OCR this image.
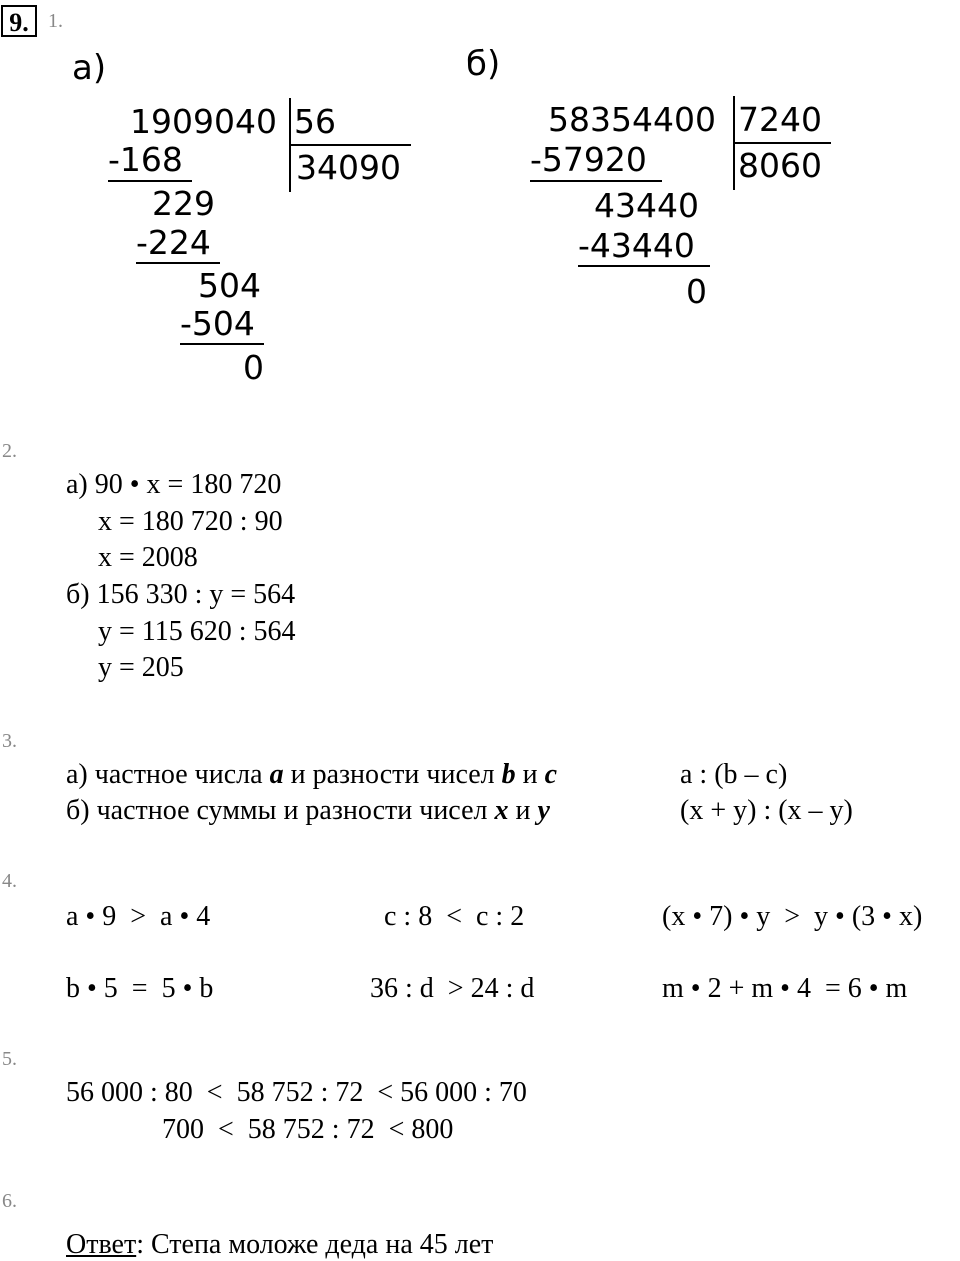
9. 1.
а)
1909040 56
34090
-168
229
-224
504
-504
0
б)
58354400 7240
8060
-57920
43440
-43440
0
2.
а) 90 • x = 180 720
x = 180 720 : 90
x = 2008
б) 156 330 : y = 564
y = 115 620 : 564
y = 205
3.
а) частное числа a и разности чисел b и c	a : (b – c)
б) частное суммы и разности чисел x и y	(x + y) : (x – y)
4.
a • 9  >  a • 4	c : 8  <  c : 2	(x • 7) • y  >  y • (3 • x)
b • 5  =  5 • b	36 : d  > 24 : d	m • 2 + m • 4  = 6 • m
5.
56 000 : 80  <  58 752 : 72  < 56 000 : 70
700  <  58 752 : 72  < 800
6.
Ответ: Степа моложе деда на 45 лет
